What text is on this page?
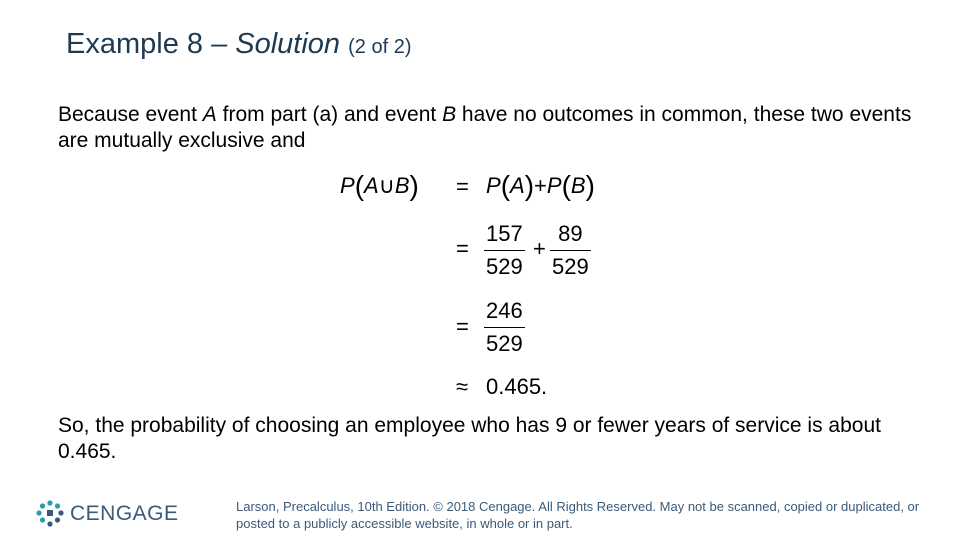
Example 8 – Solution (2 of 2)
Because event A from part (a) and event B have no outcomes in common, these two events are mutually exclusive and
P(A∪B) = P(A)+P(B)
= $\frac{157}{529} + \frac{89}{529}$
= $\frac{246}{529}$
≈ 0.465.
So, the probability of choosing an employee who has 9 or fewer years of service is about 0.465.
CENGAGE	Larson, Precalculus, 10th Edition. © 2018 Cengage. All Rights Reserved. May not be scanned, copied or duplicated, or posted to a publicly accessible website, in whole or in part.
